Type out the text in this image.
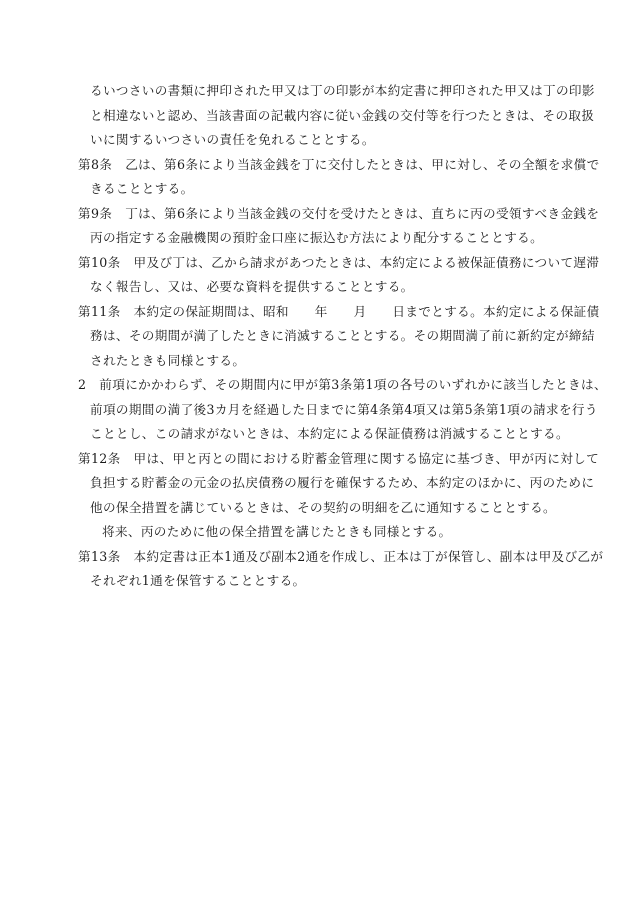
るいつさいの書類に押印された甲又は丁の印影が本約定書に押印された甲又は丁の印影
と相違ないと認め、当該書面の記載内容に従い金銭の交付等を行つたときは、その取扱
いに関するいつさいの責任を免れることとする。
第8条　乙は、第6条により当該金銭を丁に交付したときは、甲に対し、その全額を求償で
きることとする。
第9条　丁は、第6条により当該金銭の交付を受けたときは、直ちに丙の受領すべき金銭を
丙の指定する金融機関の預貯金口座に振込む方法により配分することとする。
第10条　甲及び丁は、乙から請求があつたときは、本約定による被保証債務について遅滞
なく報告し、又は、必要な資料を提供することとする。
第11条　本約定の保証期間は、昭和　　年　　月　　日までとする。本約定による保証債
務は、その期間が満了したときに消滅することとする。その期間満了前に新約定が締結
されたときも同様とする。
2　前項にかかわらず、その期間内に甲が第3条第1項の各号のいずれかに該当したときは、
前項の期間の満了後3カ月を経過した日までに第4条第4項又は第5条第1項の請求を行う
こととし、この請求がないときは、本約定による保証債務は消滅することとする。
第12条　甲は、甲と丙との間における貯蓄金管理に関する協定に基づき、甲が丙に対して
負担する貯蓄金の元金の払戻債務の履行を確保するため、本約定のほかに、丙のために
他の保全措置を講じているときは、その契約の明細を乙に通知することとする。
将来、丙のために他の保全措置を講じたときも同様とする。
第13条　本約定書は正本1通及び副本2通を作成し、正本は丁が保管し、副本は甲及び乙が
それぞれ1通を保管することとする。
